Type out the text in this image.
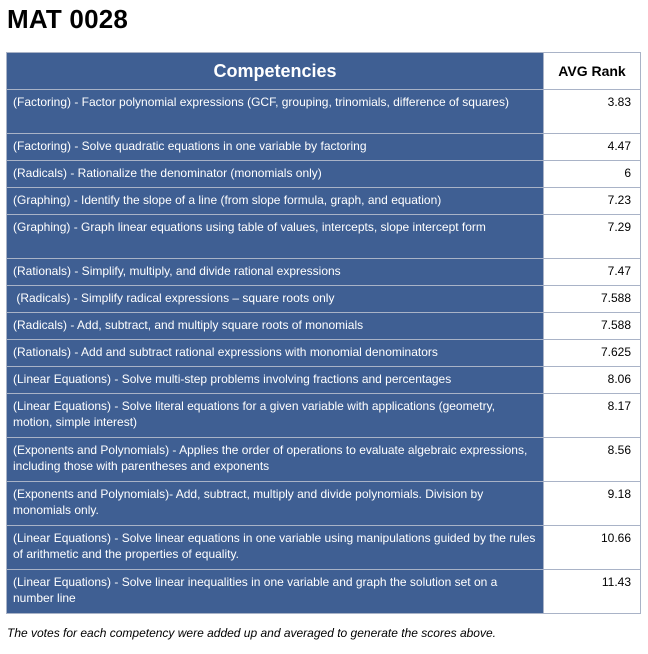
MAT 0028
Competencies	AVG Rank
(Factoring) - Factor polynomial expressions (GCF, grouping, trinomials, difference of squares)	3.83
(Factoring) - Solve quadratic equations in one variable by factoring	4.47
(Radicals) - Rationalize the denominator (monomials only)	6
(Graphing) - Identify the slope of a line (from slope formula, graph, and equation)	7.23
(Graphing) - Graph linear equations using table of values, intercepts, slope intercept form	7.29
(Rationals) - Simplify, multiply, and divide rational expressions	7.47
(Radicals) - Simplify radical expressions – square roots only	7.588
(Radicals) - Add, subtract, and multiply square roots of monomials	7.588
(Rationals) - Add and subtract rational expressions with monomial denominators	7.625
(Linear Equations) - Solve multi-step problems involving fractions and percentages	8.06
(Linear Equations) - Solve literal equations for a given variable with applications (geometry, motion, simple interest)	8.17
(Exponents and Polynomials) - Applies the order of operations to evaluate algebraic expressions, including those with parentheses and exponents	8.56
(Exponents and Polynomials)- Add, subtract, multiply and divide polynomials. Division by monomials only.	9.18
(Linear Equations) - Solve linear equations in one variable using manipulations guided by the rules of arithmetic and the properties of equality.	10.66
(Linear Equations) - Solve linear inequalities in one variable and graph the solution set on a number line	11.43
The votes for each competency were added up and averaged to generate the scores above.
